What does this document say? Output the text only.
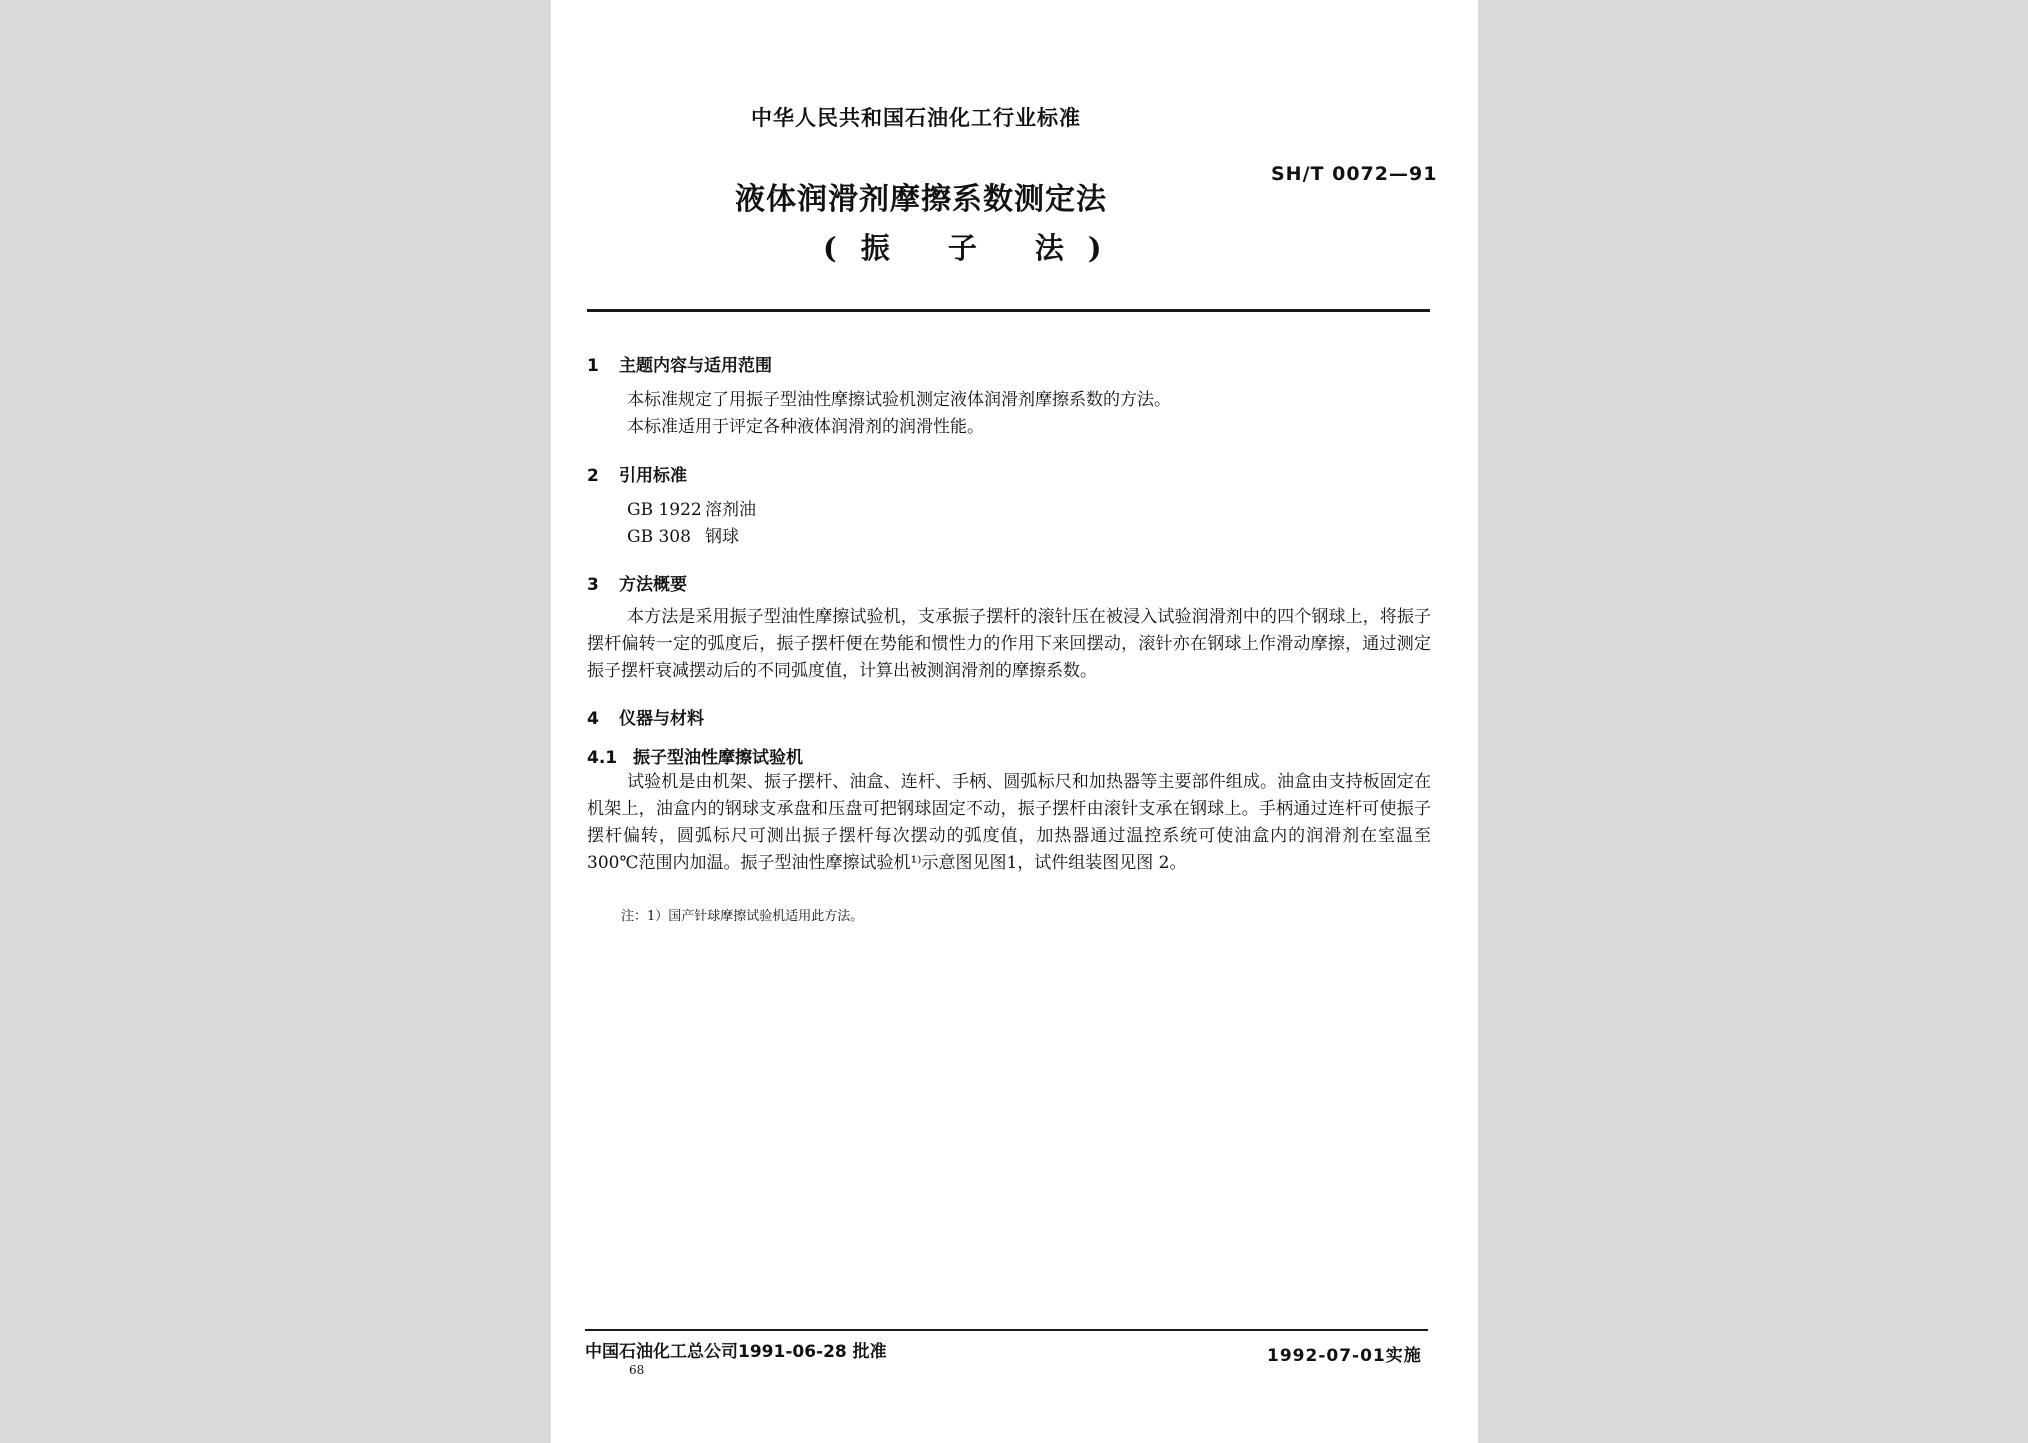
中华人民共和国石油化工行业标准
SH/T 0072—91
液体润滑剂摩擦系数测定法
(振 子 法)
1 主题内容与适用范围
本标准规定了用振子型油性摩擦试验机测定液体润滑剂摩擦系数的方法。
本标准适用于评定各种液体润滑剂的润滑性能。
2 引用标准
GB 1922 溶剂油
GB 308 钢球
3 方法概要
本方法是采用振子型油性摩擦试验机，支承振子摆杆的滚针压在被浸入试验润滑剂中的四个钢球上，将振子摆杆偏转一定的弧度后，振子摆杆便在势能和惯性力的作用下来回摆动，滚针亦在钢球上作滑动摩擦，通过测定振子摆杆衰减摆动后的不同弧度值，计算出被测润滑剂的摩擦系数。
4 仪器与材料
4.1 振子型油性摩擦试验机
试验机是由机架、振子摆杆、油盒、连杆、手柄、圆弧标尺和加热器等主要部件组成。油盒由支持板固定在机架上，油盒内的钢球支承盘和压盘可把钢球固定不动，振子摆杆由滚针支承在钢球上。手柄通过连杆可使振子摆杆偏转，圆弧标尺可测出振子摆杆每次摆动的弧度值，加热器通过温控系统可使油盒内的润滑剂在室温至300℃范围内加温。振子型油性摩擦试验机¹⁾示意图见图1，试件组装图见图 2。
注：1）国产针球摩擦试验机适用此方法。
中国石油化工总公司1991-06-28 批准	1992-07-01实施
68
